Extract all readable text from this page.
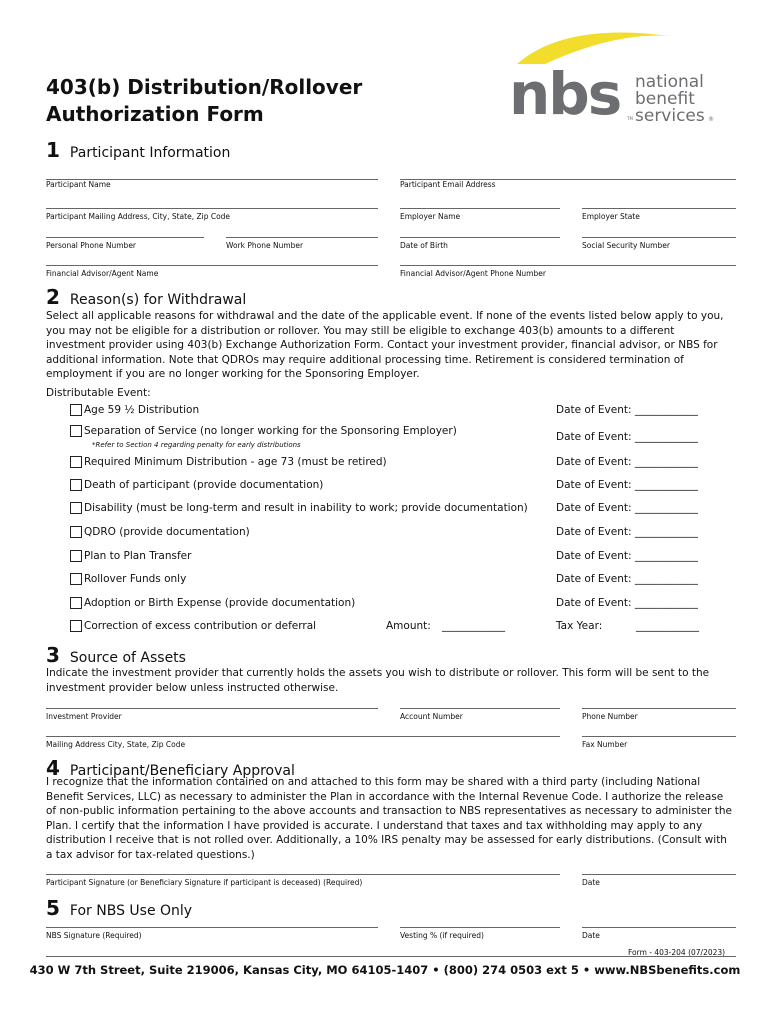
403(b) Distribution/Rollover
Authorization Form	nbs national
benefit
services
TM	®
1 Participant Information
Participant Name	Participant Email Address
Participant Mailing Address, City, State, Zip Code	Employer Name	Employer State
Personal Phone Number	Work Phone Number	Date of Birth	Social Security Number
Financial Advisor/Agent Name	Financial Advisor/Agent Phone Number
2 Reason(s) for Withdrawal
Select all applicable reasons for withdrawal and the date of the applicable event. If none of the events listed below apply to you, you may not be eligible for a distribution or rollover. You may still be eligible to exchange 403(b) amounts to a different investment provider using 403(b) Exchange Authorization Form. Contact your investment provider, financial advisor, or NBS for additional information. Note that QDROs may require additional processing time. Retirement is considered termination of employment if you are no longer working for the Sponsoring Employer.
Distributable Event:
Age 59 ½ Distribution	Date of Event: ____________
Separation of Service (no longer working for the Sponsoring Employer)
*Refer to Section 4 regarding penalty for early distributions
Date of Event: ____________
Required Minimum Distribution - age 73 (must be retired)	Date of Event: ____________
Death of participant (provide documentation)	Date of Event: ____________
Disability (must be long-term and result in inability to work; provide documentation)	Date of Event: ____________
QDRO (provide documentation)	Date of Event: ____________
Plan to Plan Transfer	Date of Event: ____________
Rollover Funds only	Date of Event: ____________
Adoption or Birth Expense (provide documentation)	Date of Event: ____________
Correction of excess contribution or deferral	Amount: ____________	Tax Year:	____________
3 Source of Assets
Indicate the investment provider that currently holds the assets you wish to distribute or rollover. This form will be sent to the investment provider below unless instructed otherwise.
Investment Provider	Account Number	Phone Number
Mailing Address City, State, Zip Code	Fax Number
4 Participant/Beneficiary Approval
I recognize that the information contained on and attached to this form may be shared with a third party (including National Benefit Services, LLC) as necessary to administer the Plan in accordance with the Internal Revenue Code. I authorize the release of non-public information pertaining to the above accounts and transaction to NBS representatives as necessary to administer the Plan. I certify that the information I have provided is accurate. I understand that taxes and tax withholding may apply to any distribution I receive that is not rolled over. Additionally, a 10% IRS penalty may be assessed for early distributions. (Consult with a tax advisor for tax-related questions.)
Participant Signature (or Beneficiary Signature if participant is deceased) (Required)	Date
5 For NBS Use Only
NBS Signature (Required)	Vesting % (if required)	Date
Form - 403-204 (07/2023)
430 W 7th Street, Suite 219006, Kansas City, MO 64105-1407 • (800) 274 0503 ext 5 • www.NBSbenefits.com
